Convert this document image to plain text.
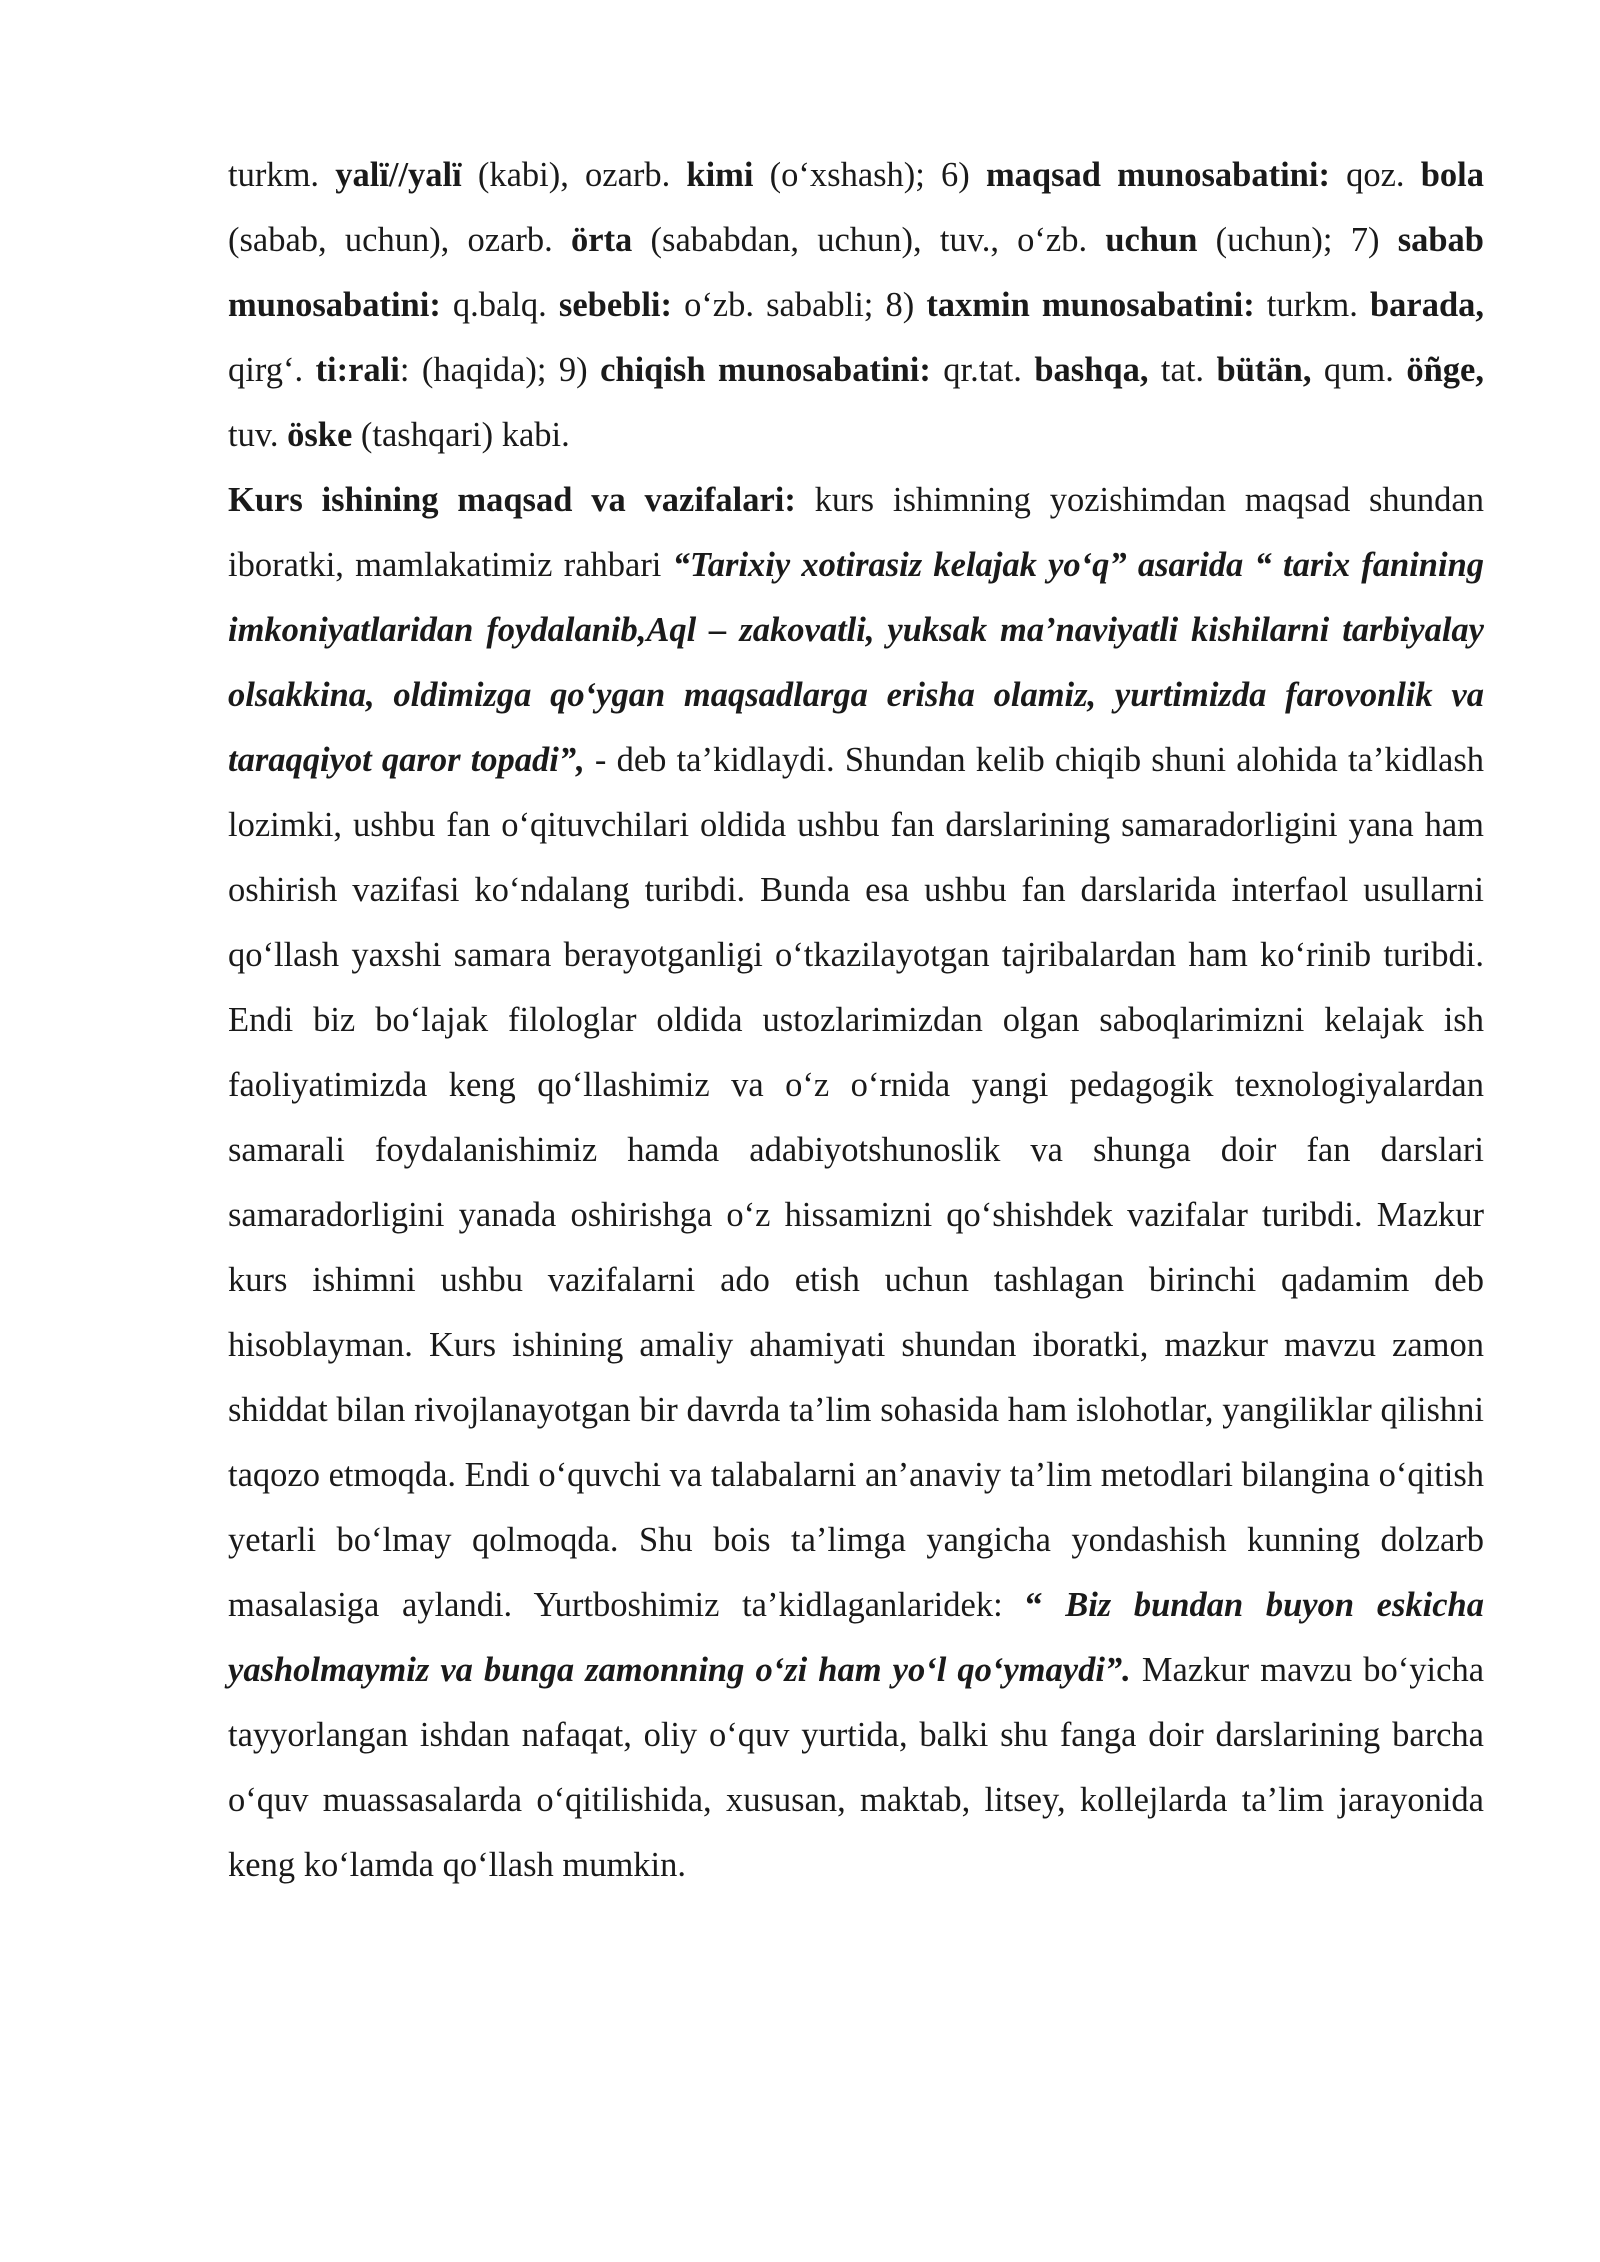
turkm. yalï//yalï (kabi), ozarb. kimi (o‘xshash); 6) maqsad munosabatini: qoz. bola (sabab, uchun), ozarb. örta (sababdan, uchun), tuv., o‘zb. uchun (uchun); 7) sabab munosabatini: q.balq. sebebli: o‘zb. sababli; 8) taxmin munosabatini: turkm. barada, qirg‘. ti:rali: (haqida); 9) chiqish munosabatini: qr.tat. bashqa, tat. bütän, qum. öñge, tuv. öske (tashqari) kabi.

Kurs ishining maqsad va vazifalari: kurs ishimning yozishimdan maqsad shundan iboratki, mamlakatimiz rahbari “Tarixiy xotirasiz kelajak yo‘q” asarida “ tarix fanining imkoniyatlaridan foydalanib,Aql – zakovatli, yuksak ma’naviyatli kishilarni tarbiyalay olsakkina, oldimizga qo‘ygan maqsadlarga erisha olamiz, yurtimizda farovonlik va taraqqiyot qaror topadi”, - deb ta’kidlaydi. Shundan kelib chiqib shuni alohida ta’kidlash lozimki, ushbu fan o‘qituvchilari oldida ushbu fan darslarining samaradorligini yana ham oshirish vazifasi ko‘ndalang turibdi. Bunda esa ushbu fan darslarida interfaol usullarni qo‘llash yaxshi samara berayotganligi o‘tkazilayotgan tajribalardan ham ko‘rinib turibdi. Endi biz bo‘lajak filologlar oldida ustozlarimizdan olgan saboqlarimizni kelajak ish faoliyatimizda keng qo‘llashimiz va o‘z o‘rnida yangi pedagogik texnologiyalardan samarali foydalanishimiz hamda adabiyotshunoslik va shunga doir fan darslari samaradorligini yanada oshirishga o‘z hissamizni qo‘shishdek vazifalar turibdi. Mazkur kurs ishimni ushbu vazifalarni ado etish uchun tashlagan birinchi qadamim deb hisoblayman. Kurs ishining amaliy ahamiyati shundan iboratki, mazkur mavzu zamon shiddat bilan rivojlanayotgan bir davrda ta’lim sohasida ham islohotlar, yangiliklar qilishni taqozo etmoqda. Endi o‘quvchi va talabalarni an’anaviy ta’lim metodlari bilangina o‘qitish yetarli bo‘lmay qolmoqda. Shu bois ta’limga yangicha yondashish kunning dolzarb masalasiga aylandi. Yurtboshimiz ta’kidlaganlaridek: “ Biz bundan buyon eskicha yasholmaymiz va bunga zamonning o‘zi ham yo‘l qo‘ymaydi”. Mazkur mavzu bo‘yicha tayyorlangan ishdan nafaqat, oliy o‘quv yurtida, balki shu fanga doir darslarining barcha o‘quv muassasalarda o‘qitilishida, xususan, maktab, litsey, kollejlarda ta’lim jarayonida keng ko‘lamda qo‘llash mumkin.
